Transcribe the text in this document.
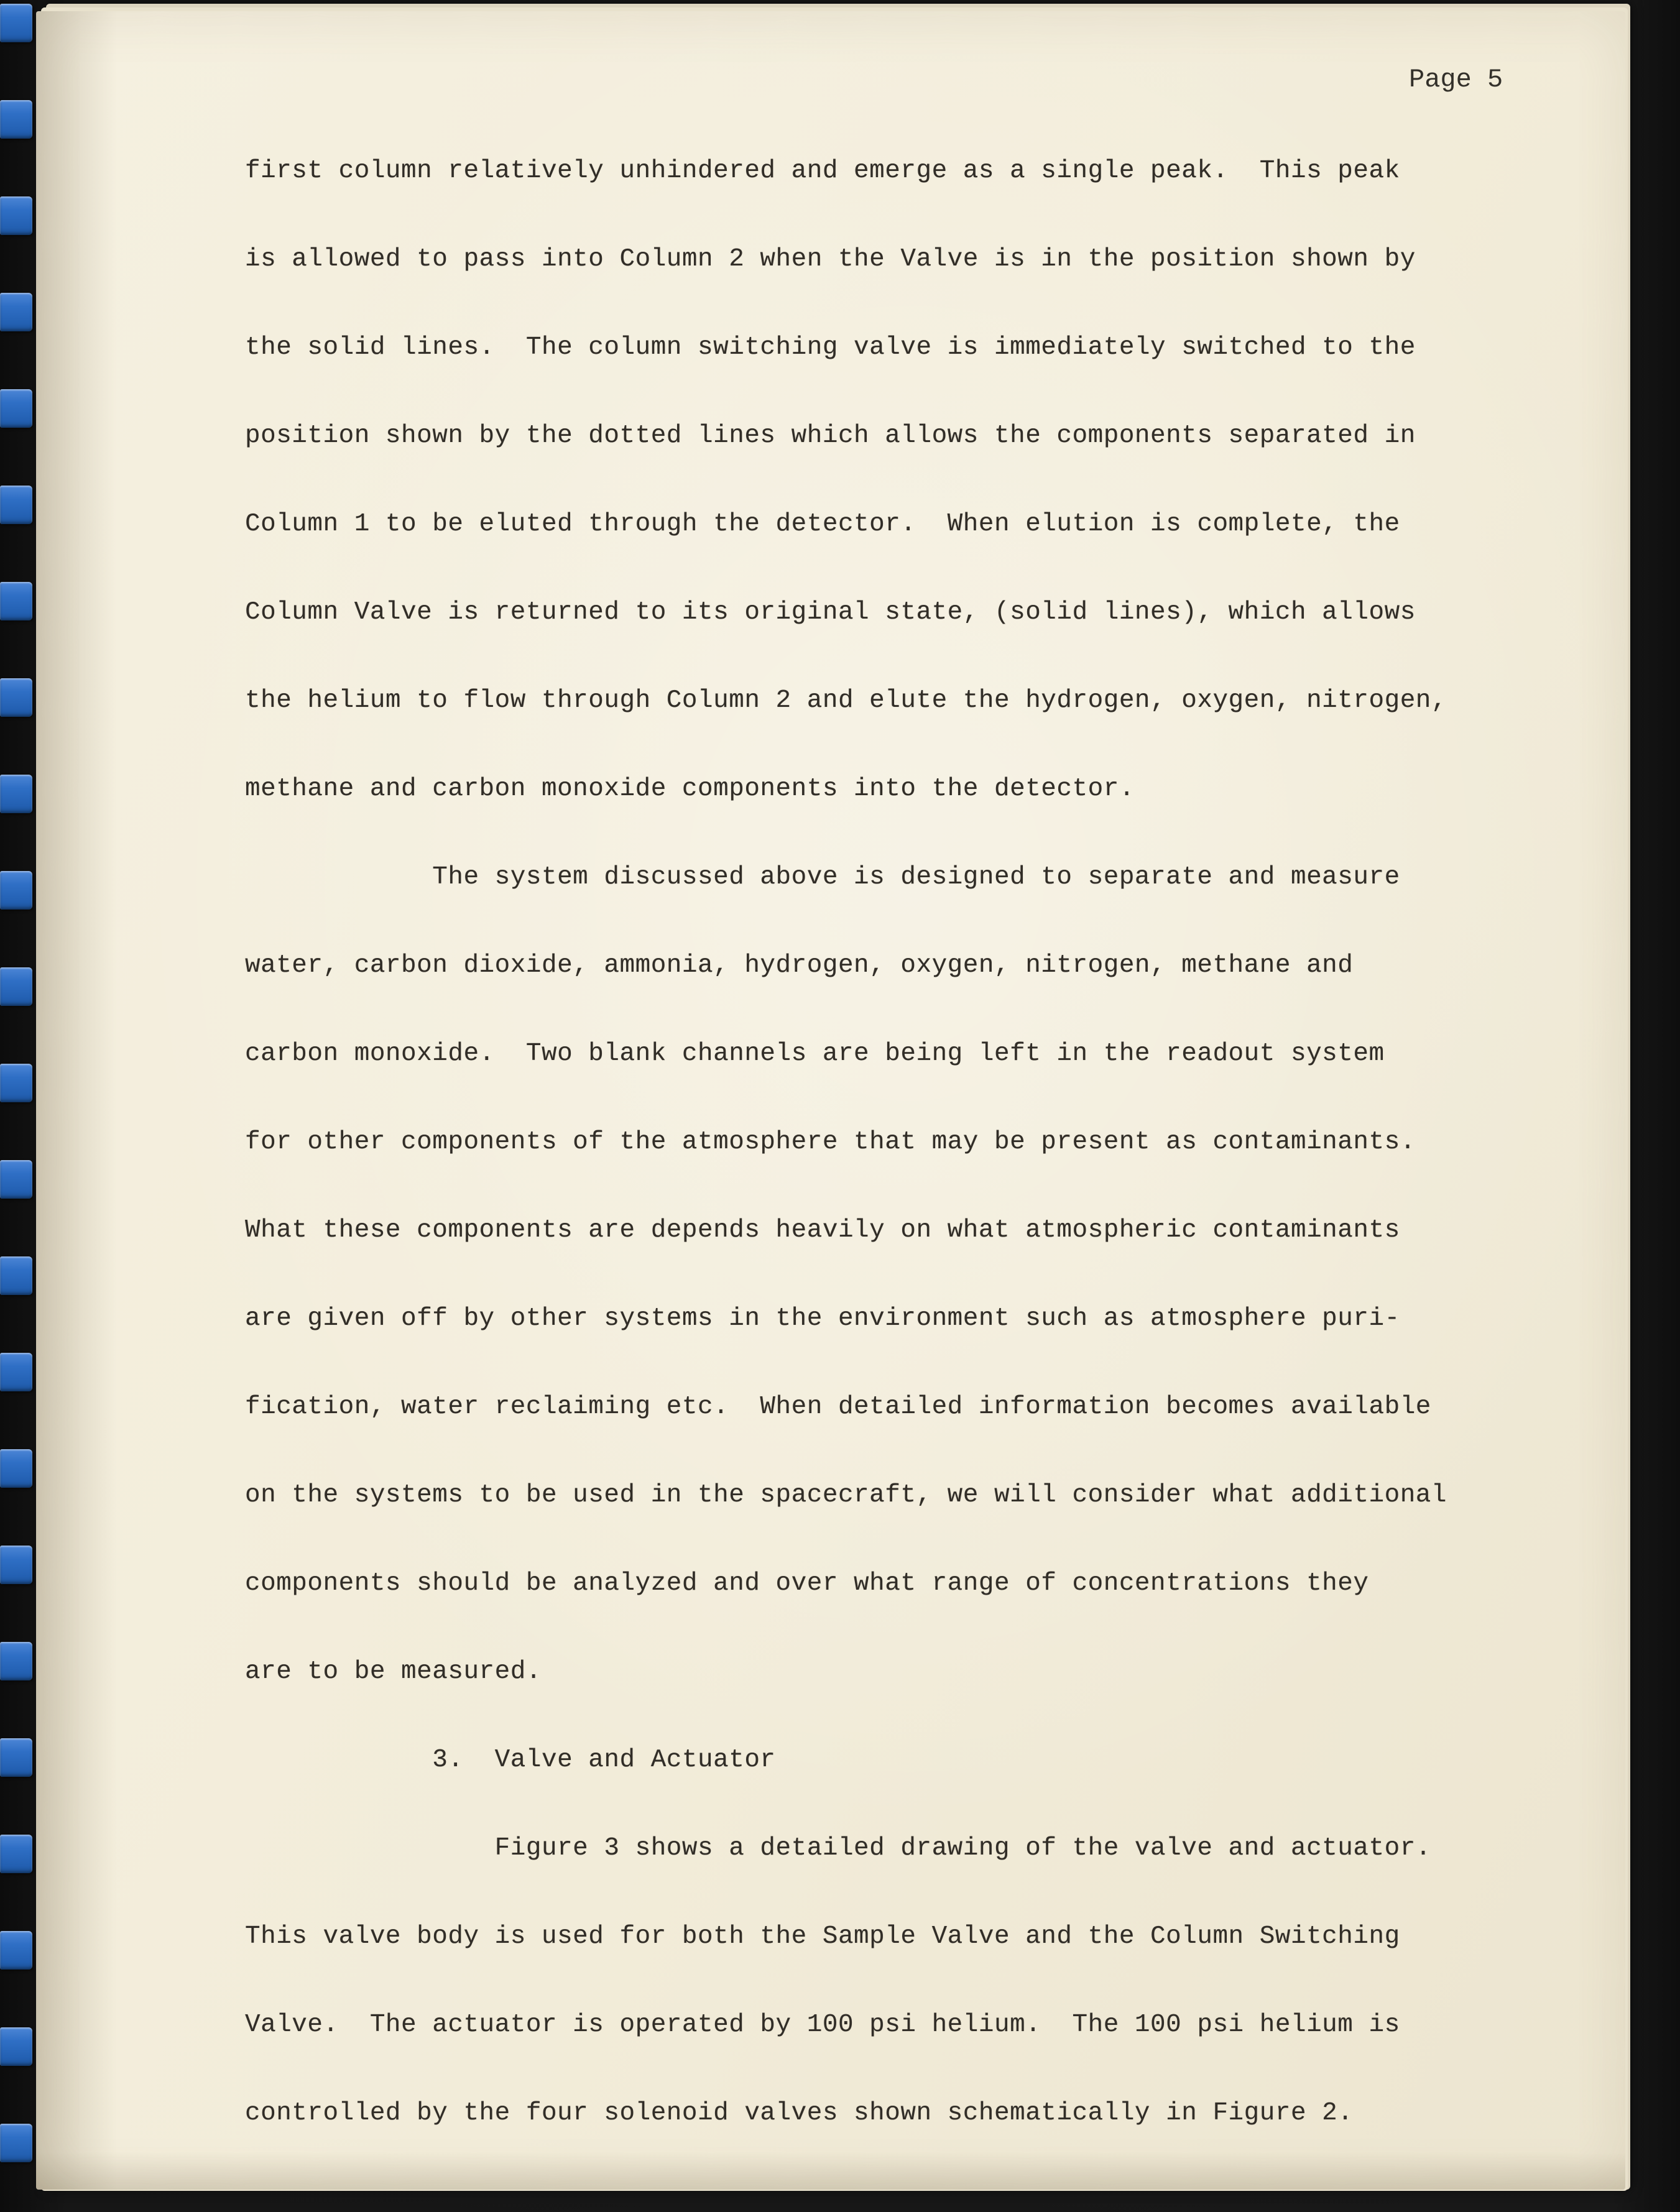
Page 5
first column relatively unhindered and emerge as a single peak.  This peak
is allowed to pass into Column 2 when the Valve is in the position shown by
the solid lines.  The column switching valve is immediately switched to the
position shown by the dotted lines which allows the components separated in
Column 1 to be eluted through the detector.  When elution is complete, the
Column Valve is returned to its original state, (solid lines), which allows
the helium to flow through Column 2 and elute the hydrogen, oxygen, nitrogen,
methane and carbon monoxide components into the detector.
The system discussed above is designed to separate and measure
water, carbon dioxide, ammonia, hydrogen, oxygen, nitrogen, methane and
carbon monoxide.  Two blank channels are being left in the readout system
for other components of the atmosphere that may be present as contaminants.
What these components are depends heavily on what atmospheric contaminants
are given off by other systems in the environment such as atmosphere puri-
fication, water reclaiming etc.  When detailed information becomes available
on the systems to be used in the spacecraft, we will consider what additional
components should be analyzed and over what range of concentrations they
are to be measured.
3.  Valve and Actuator
Figure 3 shows a detailed drawing of the valve and actuator.
This valve body is used for both the Sample Valve and the Column Switching
Valve.  The actuator is operated by 100 psi helium.  The 100 psi helium is
controlled by the four solenoid valves shown schematically in Figure 2.
